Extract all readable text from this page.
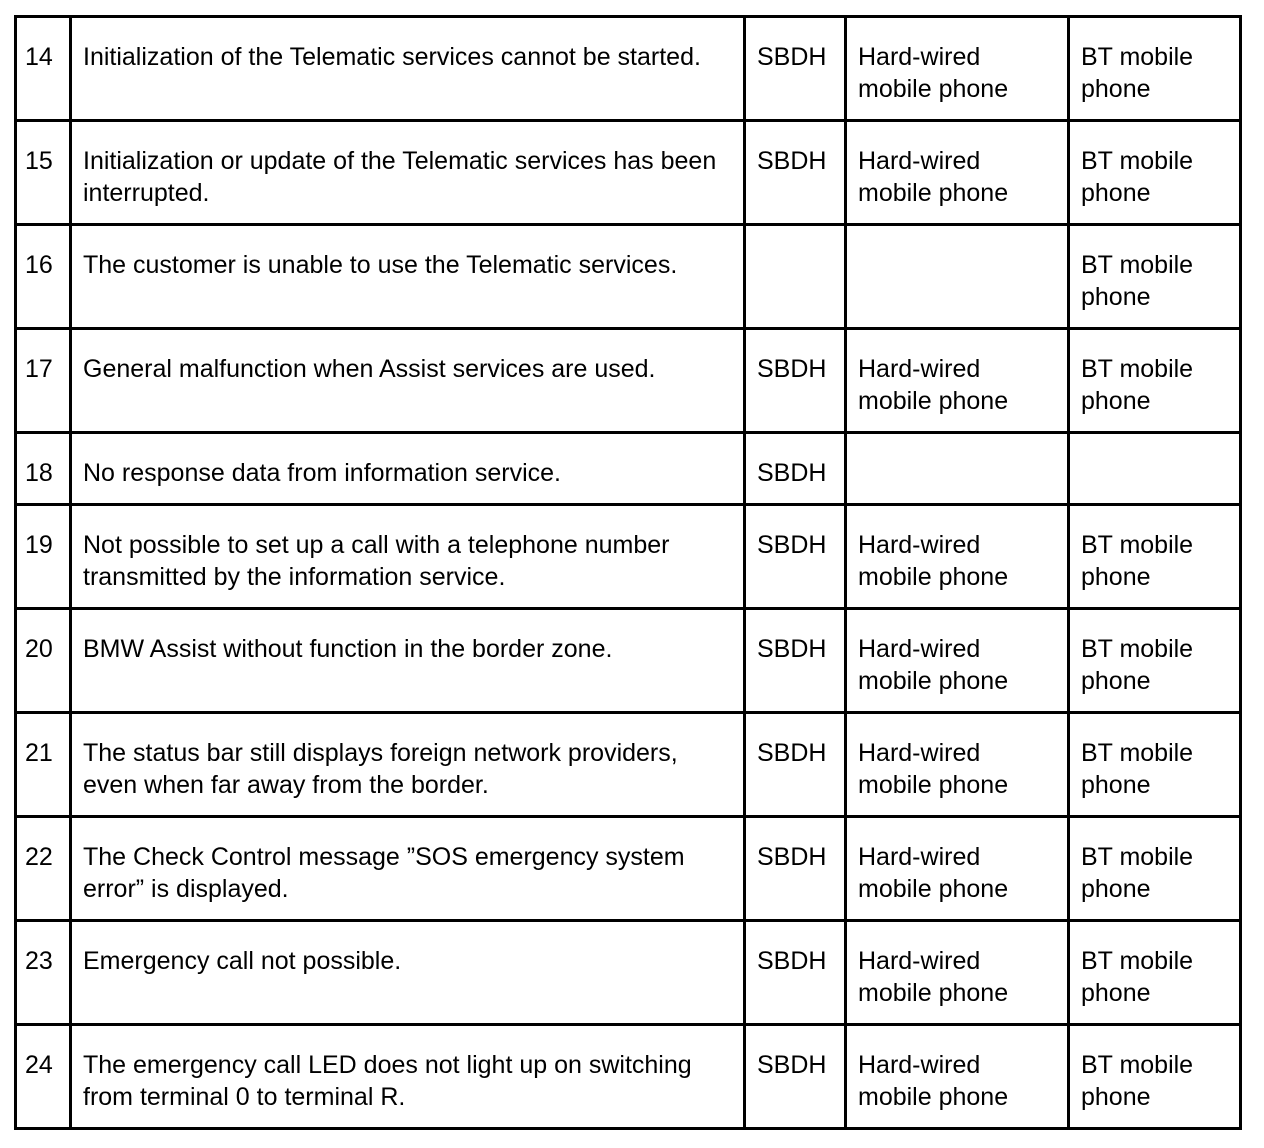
14	Initialization of the Telematic services cannot be started.	SBDH	Hard-wired mobile phone	BT mobile phone
15	Initialization or update of the Telematic services has been interrupted.	SBDH	Hard-wired mobile phone	BT mobile phone
16	The customer is unable to use the Telematic services.			BT mobile phone
17	General malfunction when Assist services are used.	SBDH	Hard-wired mobile phone	BT mobile phone
18	No response data from information service.	SBDH		
19	Not possible to set up a call with a telephone number transmitted by the information service.	SBDH	Hard-wired mobile phone	BT mobile phone
20	BMW Assist without function in the border zone.	SBDH	Hard-wired mobile phone	BT mobile phone
21	The status bar still displays foreign network providers, even when far away from the border.	SBDH	Hard-wired mobile phone	BT mobile phone
22	The Check Control message ”SOS emergency system error” is displayed.	SBDH	Hard-wired mobile phone	BT mobile phone
23	Emergency call not possible.	SBDH	Hard-wired mobile phone	BT mobile phone
24	The emergency call LED does not light up on switching from terminal 0 to terminal R.	SBDH	Hard-wired mobile phone	BT mobile phone
